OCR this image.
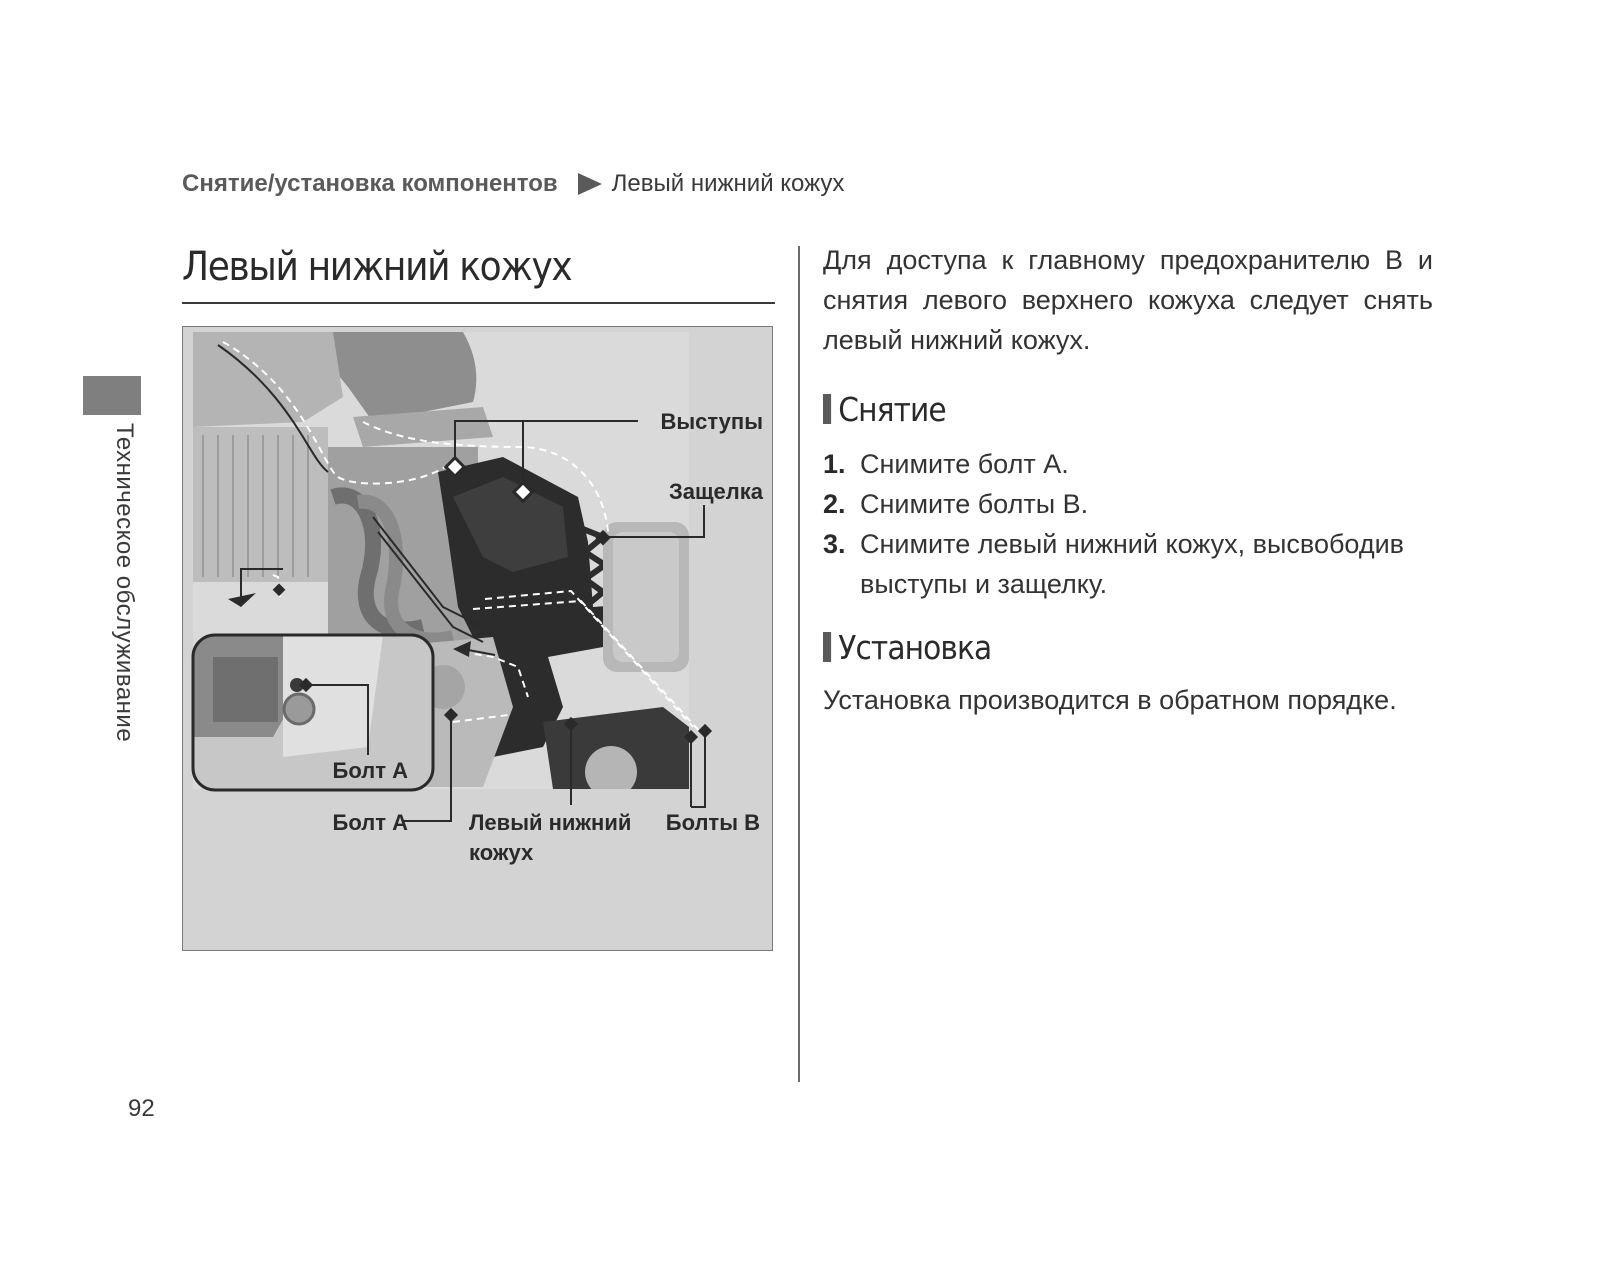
Снятие/установка компонентов Левый нижний кожух
Техническое обслуживание
Левый нижний кожух
Выступы
Защелка
Болт A
Болт A	Левый нижний
кожух
Болты B

Для доступа к главному предохранителю B и снятия левого верхнего кожуха следует снять левый нижний кожух.

Снятие
1. Снимите болт A.
2. Снимите болты B.
3. Снимите левый нижний кожух, высвободив выступы и защелку.
Установка

Установка производится в обратном порядке.

92
